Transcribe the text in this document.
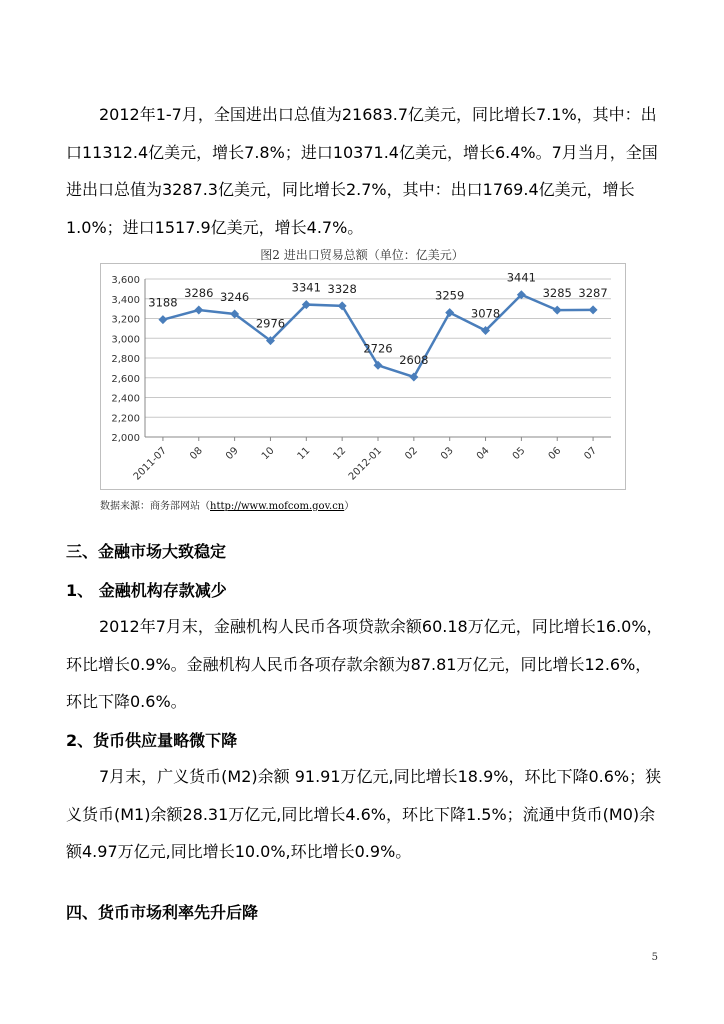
2012年1-7月，全国进出口总值为21683.7亿美元，同比增长7.1%，其中：出口11312.4亿美元，增长7.8%；进口10371.4亿美元，增长6.4%。7月当月，全国进出口总值为3287.3亿美元，同比增长2.7%，其中：出口1769.4亿美元，增长1.0%；进口1517.9亿美元，增长4.7%。

图2 进出口贸易总额（单位：亿美元）
2,000
2,200
2,400
2,600
2,800
3,000
3,200
3,400
3,600
2011-07 08 09 10 11 12
2012-01 02 03 04 05 06 07
3188
3286 3246
2976
3341 3328
2726
2608
3259
3078
3441
3285 3287
数据来源：商务部网站（http://www.mofcom.gov.cn）
三、金融市场大致稳定
1、 金融机构存款减少

2012年7月末，金融机构人民币各项贷款余额60.18万亿元，同比增长16.0%，环比增长0.9%。金融机构人民币各项存款余额为87.81万亿元，同比增长12.6%，环比下降0.6%。

2、货币供应量略微下降

7月末，广义货币(M2)余额 91.91万亿元,同比增长18.9%，环比下降0.6%；狭义货币(M1)余额28.31万亿元,同比增长4.6%，环比下降1.5%；流通中货币(M0)余额4.97万亿元,同比增长10.0%,环比增长0.9%。

四、货币市场利率先升后降
5
